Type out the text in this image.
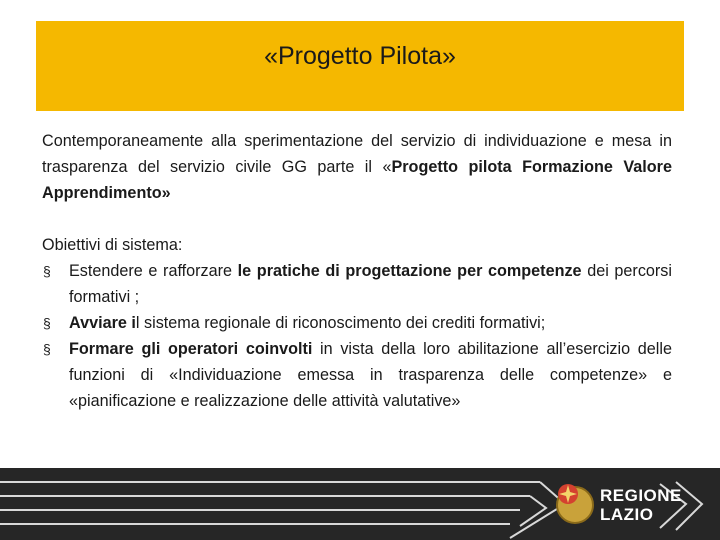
«Progetto Pilota»
Contemporaneamente alla sperimentazione del servizio di individuazione e mesa in trasparenza del servizio civile GG parte il «Progetto pilota Formazione Valore Apprendimento»
Obiettivi di sistema:
§ Estendere e rafforzare le pratiche di progettazione per competenze dei percorsi formativi ;
§ Avviare il sistema regionale di riconoscimento dei crediti formativi;
§ Formare gli operatori coinvolti in vista della loro abilitazione all’esercizio delle funzioni di «Individuazione emessa in trasparenza delle competenze» e «pianificazione e realizzazione delle attività valutative»
REGIONE
LAZIO
